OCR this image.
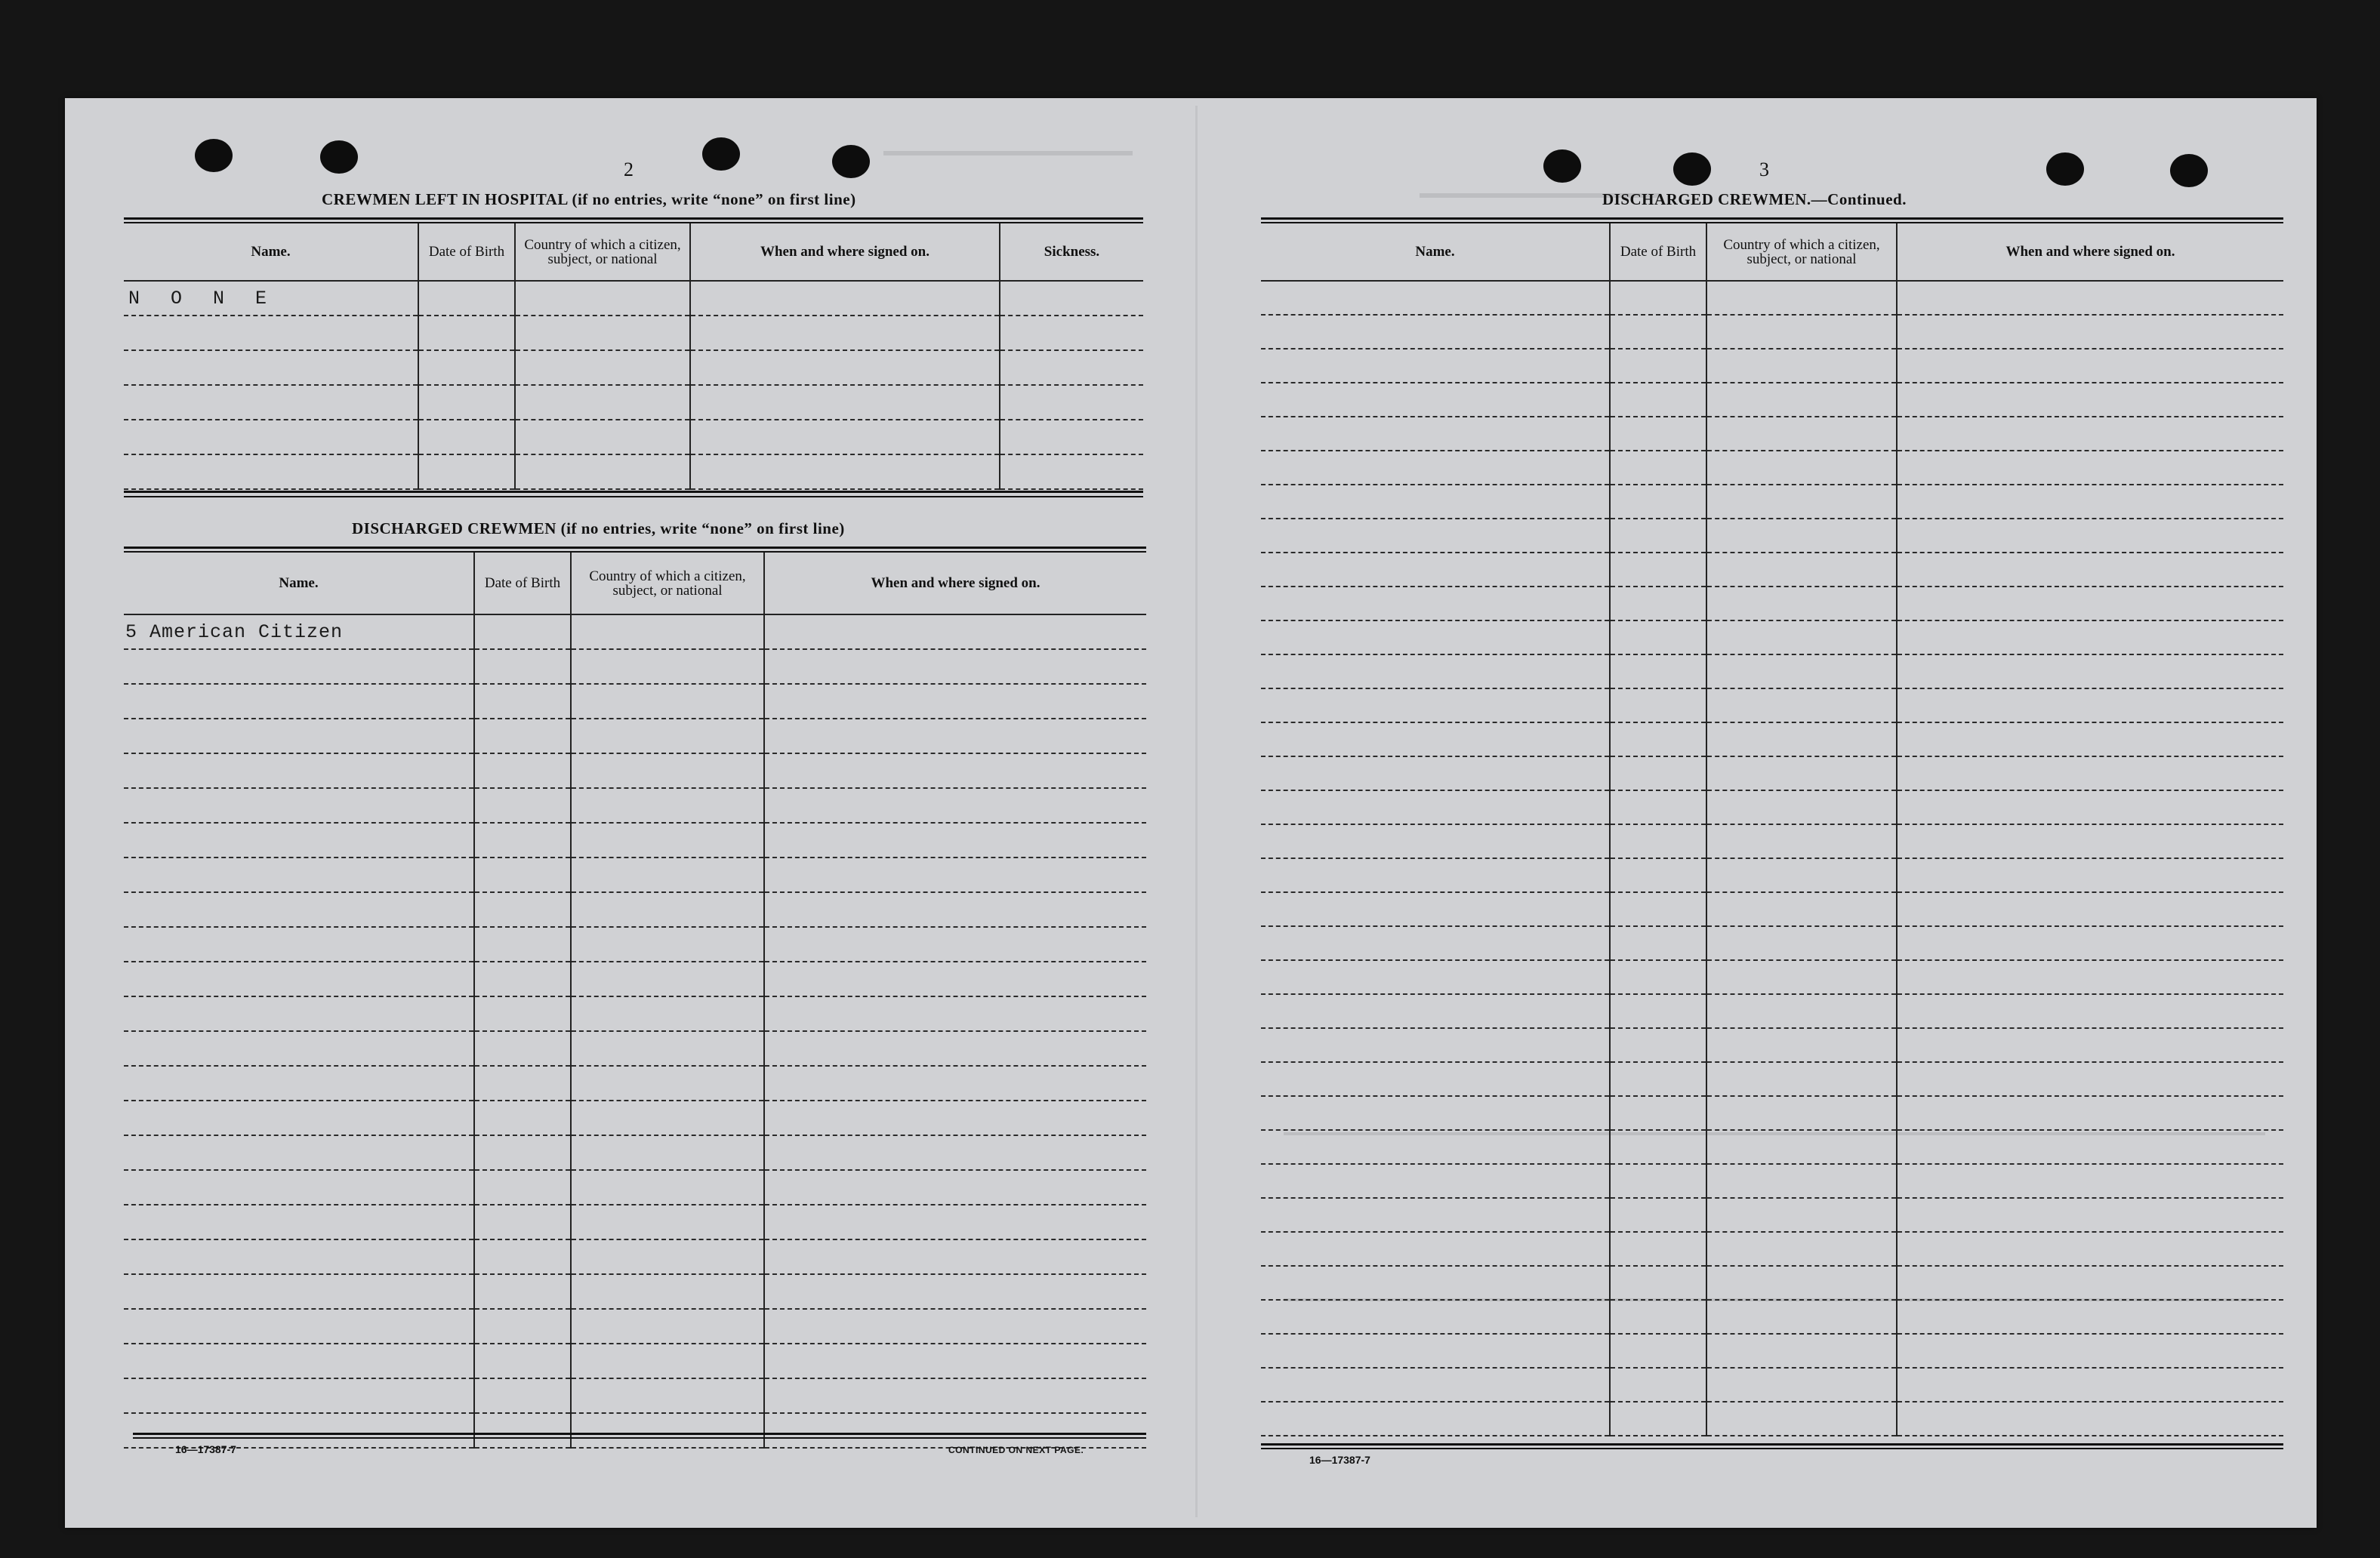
2
CREWMEN LEFT IN HOSPITAL (if no entries, write “none” on first line)
Name.	Date of Birth	Country of which a citizen, subject, or national	When and where signed on.	Sickness.
N O N E				

DISCHARGED CREWMEN (if no entries, write “none” on first line)
Name.	Date of Birth	Country of which a citizen, subject, or national	When and where signed on.
5 American Citizen			

16—17387-7	CONTINUED ON NEXT PAGE.
3
DISCHARGED CREWMEN.—Continued.
Name.	Date of Birth	Country of which a citizen, subject, or national	When and where signed on.

16—17387-7
